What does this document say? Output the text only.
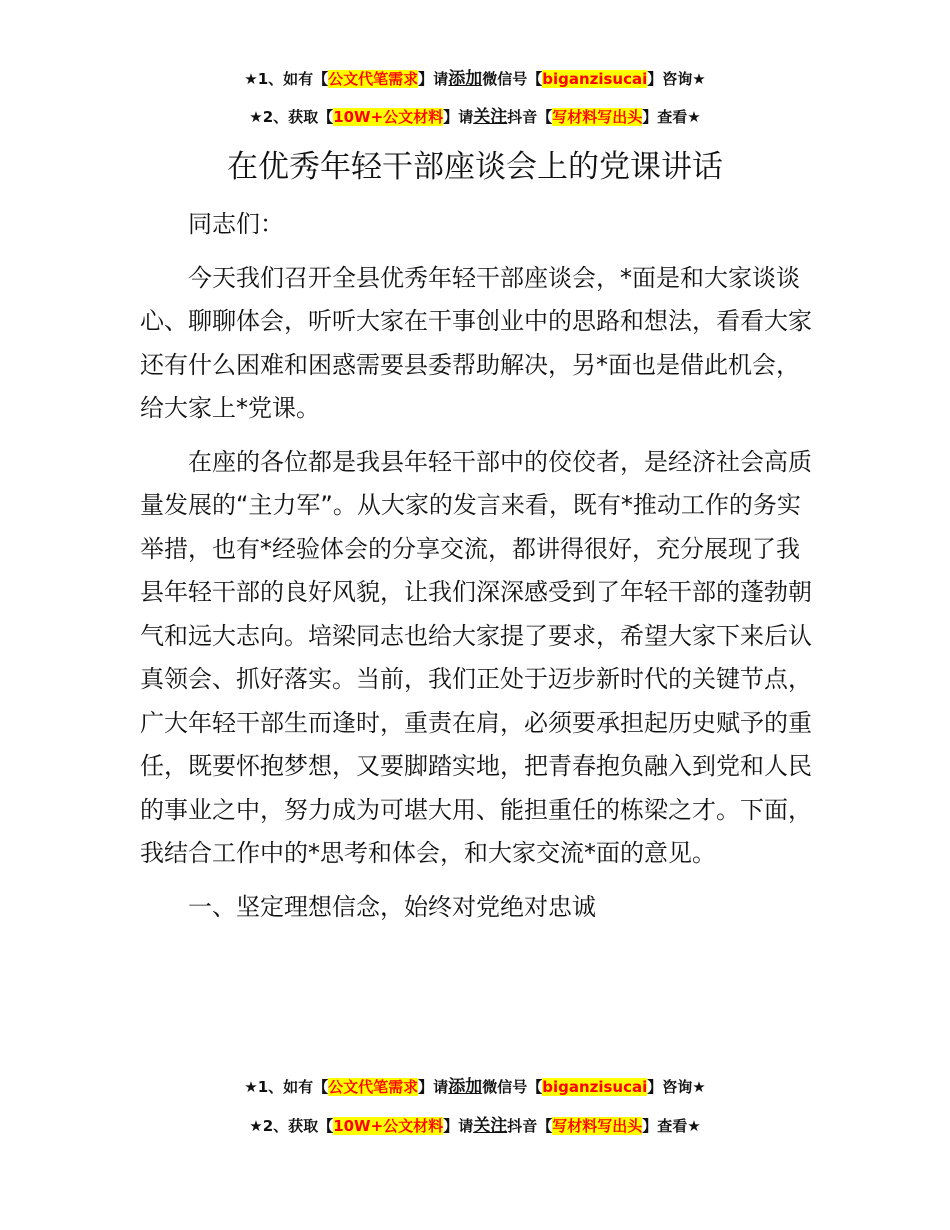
★1、如有【公文代笔需求】请添加微信号【biganzisucai】咨询★
★2、获取【10W+公文材料】请关注抖音【写材料写出头】查看★
在优秀年轻干部座谈会上的党课讲话

同志们：

今天我们召开全县优秀年轻干部座谈会，*面是和大家谈谈心、聊聊体会，听听大家在干事创业中的思路和想法，看看大家还有什么困难和困惑需要县委帮助解决，另*面也是借此机会，给大家上*党课。

在座的各位都是我县年轻干部中的佼佼者，是经济社会高质量发展的“主力军”。从大家的发言来看，既有*推动工作的务实举措，也有*经验体会的分享交流，都讲得很好，充分展现了我县年轻干部的良好风貌，让我们深深感受到了年轻干部的蓬勃朝气和远大志向。培梁同志也给大家提了要求，希望大家下来后认真领会、抓好落实。当前，我们正处于迈步新时代的关键节点，广大年轻干部生而逢时，重责在肩，必须要承担起历史赋予的重任，既要怀抱梦想，又要脚踏实地，把青春抱负融入到党和人民的事业之中，努力成为可堪大用、能担重任的栋梁之才。下面，我结合工作中的*思考和体会，和大家交流*面的意见。

一、坚定理想信念，始终对党绝对忠诚

★1、如有【公文代笔需求】请添加微信号【biganzisucai】咨询★
★2、获取【10W+公文材料】请关注抖音【写材料写出头】查看★
